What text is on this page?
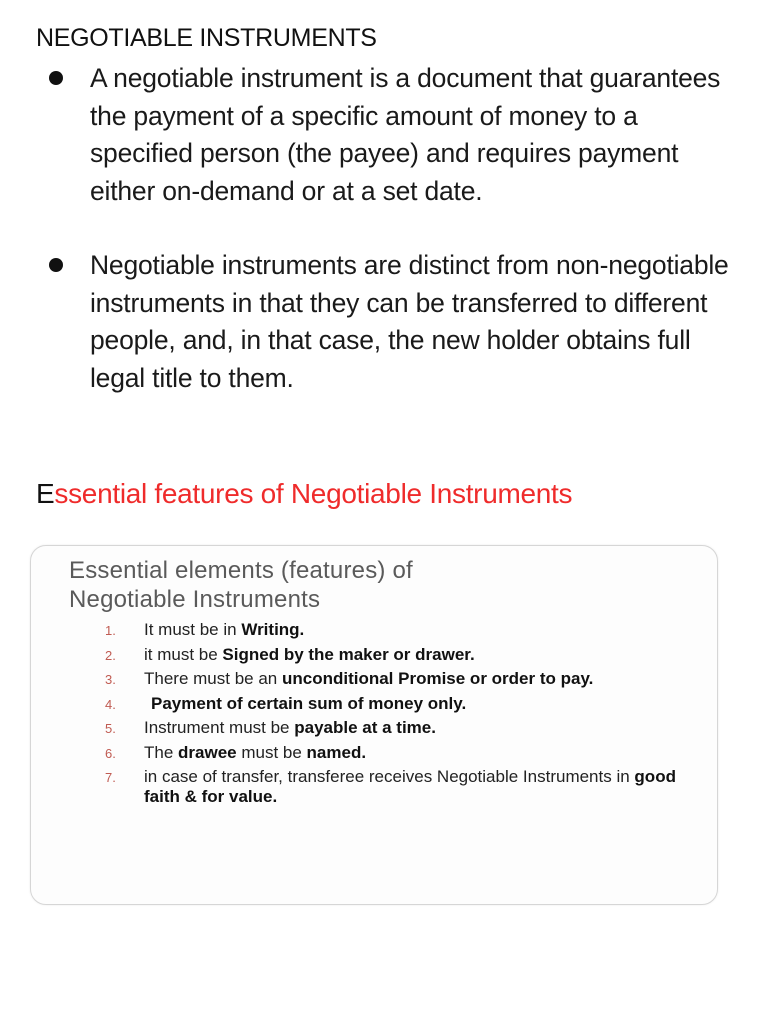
NEGOTIABLE INSTRUMENTS
A negotiable instrument is a document that guarantees the payment of a specific amount of money to a specified person (the payee) and requires payment either on-demand or at a set date.
Negotiable instruments are distinct from non-negotiable instruments in that they can be transferred to different people, and, in that case, the new holder obtains full legal title to them.
Essential features of Negotiable Instruments
Essential elements (features) of
Negotiable Instruments
1. It must be in Writing.
2. it must be Signed by the maker or drawer.
3. There must be an unconditional Promise or order to pay.
4. Payment of certain sum of money only.
5. Instrument must be payable at a time.
6. The drawee must be named.
7. in case of transfer, transferee receives Negotiable Instruments in good faith & for value.
